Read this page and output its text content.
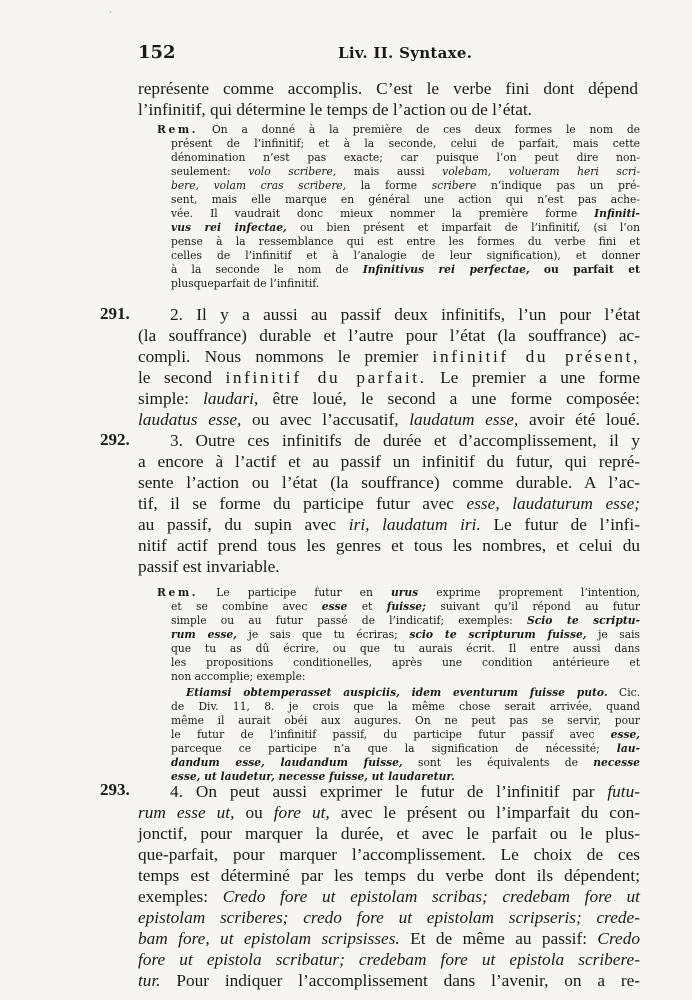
ˊ
152	Liv. II. Syntaxe.
représente comme accomplis. C’est le verbe fini dont dépend
l’infinitif, qui détermine le temps de l’action ou de l’état.
Rem. On a donné à la première de ces deux formes le nom de
présent de l’infinitif; et à la seconde, celui de parfait, mais cette
dénomination n’est pas exacte; car puisque l’on peut dire non-
seulement: volo scribere, mais aussi volebam, volueram heri scri-
bere, volam cras scribere, la forme scribere n’indique pas un pré-
sent, mais elle marque en général une action qui n’est pas ache-
vée. Il vaudrait donc mieux nommer la première forme Infiniti-
vus rei infectae, ou bien présent et imparfait de l’infinitif, (si l’on
pense à la ressemblance qui est entre les formes du verbe fini et
celles de l’infinitif et à l’analogie de leur signification), et donner
à la seconde le nom de Infinitivus rei perfectae, ou parfait et
plusqueparfait de l’infinitif.
291. 2. Il y a aussi au passif deux infinitifs, l’un pour l’état
(la souffrance) durable et l’autre pour l’état (la souffrance) ac-
compli. Nous nommons le premier infinitif du présent,
le second infinitif du parfait. Le premier a une forme
simple: laudari, être loué, le second a une forme composée:
laudatus esse, ou avec l’accusatif, laudatum esse, avoir été loué.
292. 3. Outre ces infinitifs de durée et d’accomplissement, il y
a encore à l’actif et au passif un infinitif du futur, qui repré-
sente l’action ou l’état (la souffrance) comme durable. A l’ac-
tif, il se forme du participe futur avec esse, laudaturum esse;
au passif, du supin avec iri, laudatum iri. Le futur de l’infi-
nitif actif prend tous les genres et tous les nombres, et celui du
passif est invariable.
Rem. Le participe futur en urus exprime proprement l’intention,
et se combine avec esse et fuisse; suivant qu’il répond au futur
simple ou au futur passé de l’indicatif; exemples: Scio te scriptu-
rum esse, je sais que tu écriras; scio te scripturum fuisse, je sais
que tu as dû écrire, ou que tu aurais écrit. Il entre aussi dans
les propositions conditionelles, après une condition antérieure et
non accomplie; exemple:
Etiamsi obtemperasset auspiciis, idem eventurum fuisse puto. Cic.
de Div. 11, 8. je crois que la même chose serait arrivée, quand
même il aurait obéi aux augures. On ne peut pas se servir, pour
le futur de l’infinitif passif, du participe futur passif avec esse,
parceque ce participe n’a que la signification de nécessité; lau-
dandum esse, laudandum fuisse, sont les équivalents de necesse
esse, ut laudetur, necesse fuisse, ut laudaretur.
293. 4. On peut aussi exprimer le futur de l’infinitif par futu-
rum esse ut, ou fore ut, avec le présent ou l’imparfait du con-
jonctif, pour marquer la durée, et avec le parfait ou le plus-
que-parfait, pour marquer l’accomplissement. Le choix de ces
temps est déterminé par les temps du verbe dont ils dépendent;
exemples: Credo fore ut epistolam scribas; credebam fore ut
epistolam scriberes; credo fore ut epistolam scripseris; crede-
bam fore, ut epistolam scripsisses. Et de même au passif: Credo
fore ut epistola scribatur; credebam fore ut epistola scribere-
tur. Pour indiquer l’accomplissement dans l’avenir, on a re-
